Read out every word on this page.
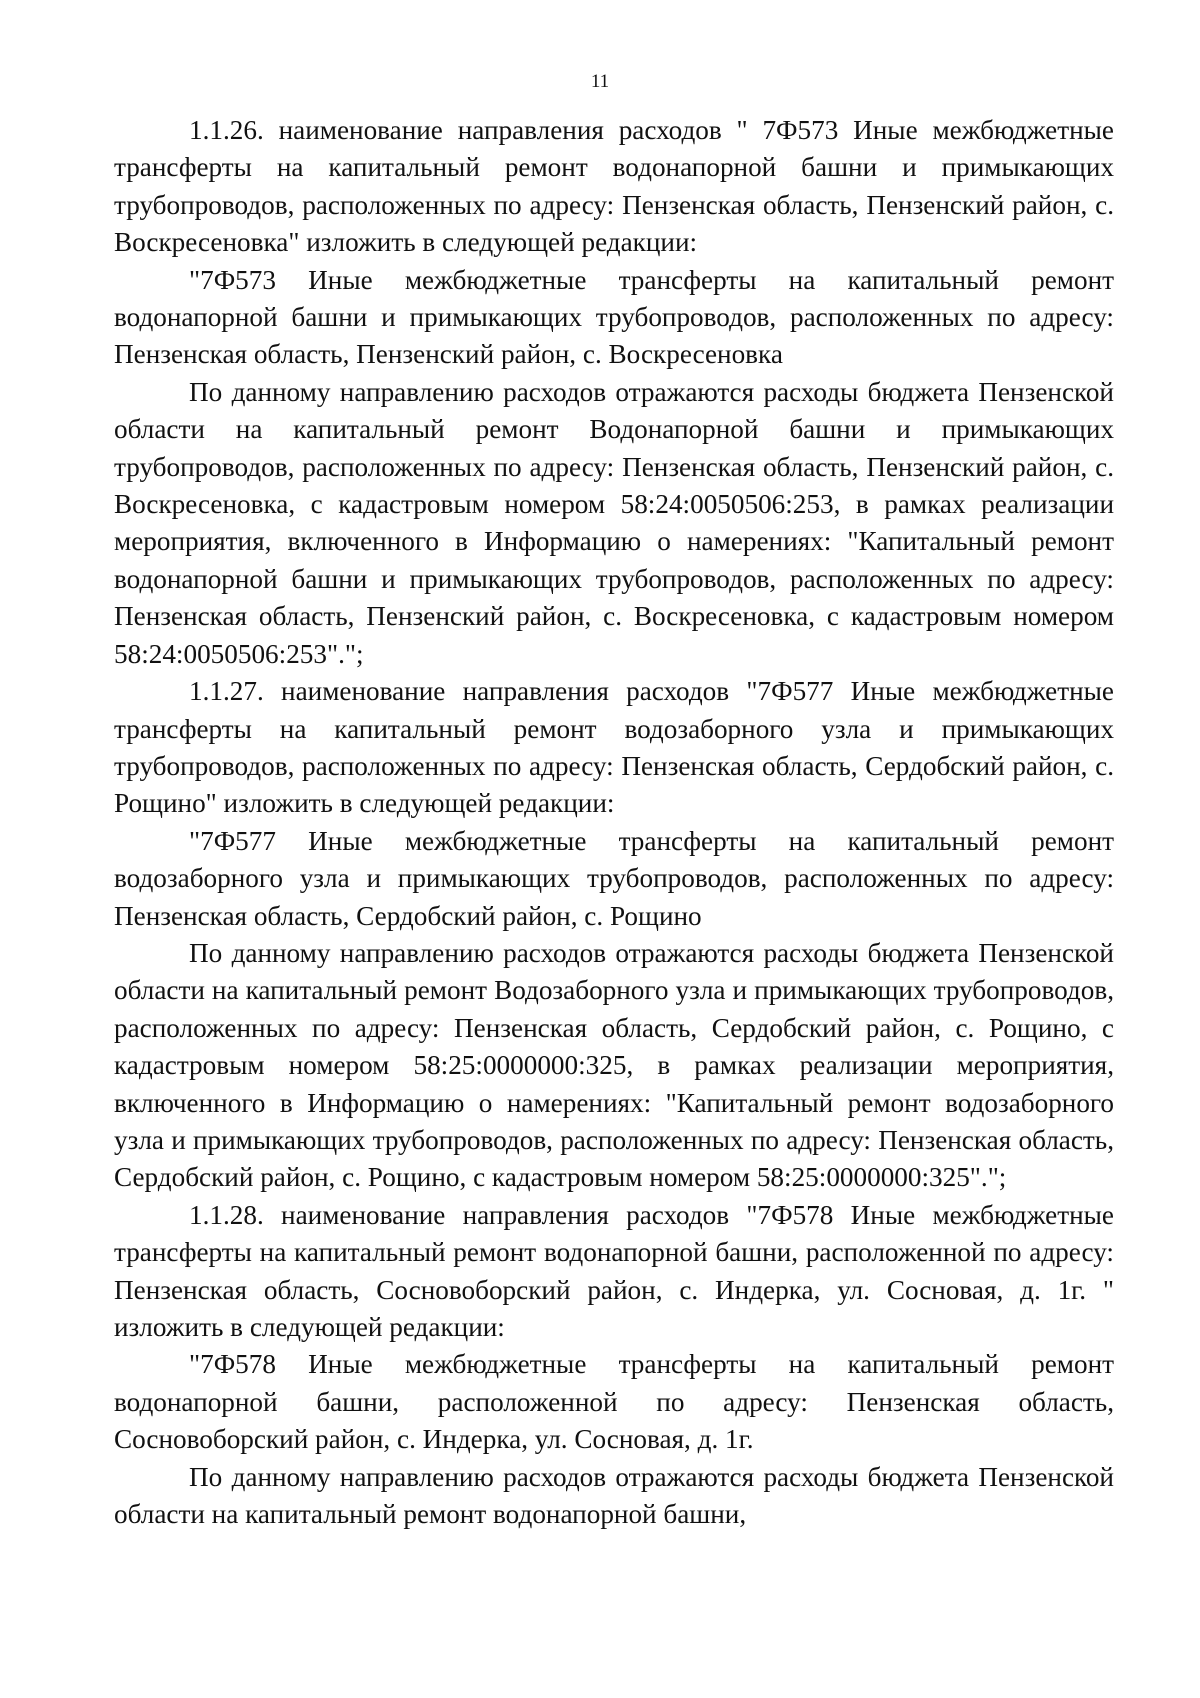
11

1.1.26. наименование направления расходов " 7Ф573 Иные межбюджетные трансферты на капитальный ремонт водонапорной башни и примыкающих трубопроводов, расположенных по адресу: Пензенская область, Пензенский район, с. Воскресеновка" изложить в следующей редакции:

"7Ф573 Иные межбюджетные трансферты на капитальный ремонт водонапорной башни и примыкающих трубопроводов, расположенных по адресу: Пензенская область, Пензенский район, с. Воскресеновка

По данному направлению расходов отражаются расходы бюджета Пензенской области на капитальный ремонт Водонапорной башни и примыкающих трубопроводов, расположенных по адресу: Пензенская область, Пензенский район, с. Воскресеновка, с кадастровым номером 58:24:0050506:253, в рамках реализации мероприятия, включенного в Информацию о намерениях: "Капитальный ремонт водонапорной башни и примыкающих трубопроводов, расположенных по адресу: Пензенская область, Пензенский район, с. Воскресеновка, с кадастровым номером 58:24:0050506:253".";

1.1.27. наименование направления расходов "7Ф577 Иные межбюджетные трансферты на капитальный ремонт водозаборного узла и примыкающих трубопроводов, расположенных по адресу: Пензенская область, Сердобский район, с. Рощино" изложить в следующей редакции:

"7Ф577 Иные межбюджетные трансферты на капитальный ремонт водозаборного узла и примыкающих трубопроводов, расположенных по адресу: Пензенская область, Сердобский район, с. Рощино

По данному направлению расходов отражаются расходы бюджета Пензенской области на капитальный ремонт Водозаборного узла и примыкающих трубопроводов, расположенных по адресу: Пензенская область, Сердобский район, с. Рощино, с кадастровым номером 58:25:0000000:325, в рамках реализации мероприятия, включенного в Информацию о намерениях: "Капитальный ремонт водозаборного узла и примыкающих трубопроводов, расположенных по адресу: Пензенская область, Сердобский район, с. Рощино, с кадастровым номером 58:25:0000000:325".";

1.1.28. наименование направления расходов "7Ф578 Иные межбюджетные трансферты на капитальный ремонт водонапорной башни, расположенной по адресу: Пензенская область, Сосновоборский район, с. Индерка, ул. Сосновая, д. 1г. " изложить в следующей редакции:

"7Ф578 Иные межбюджетные трансферты на капитальный ремонт водонапорной башни, расположенной по адресу: Пензенская область, Сосновоборский район, с. Индерка, ул. Сосновая, д. 1г.

По данному направлению расходов отражаются расходы бюджета Пензенской области на капитальный ремонт водонапорной башни,
